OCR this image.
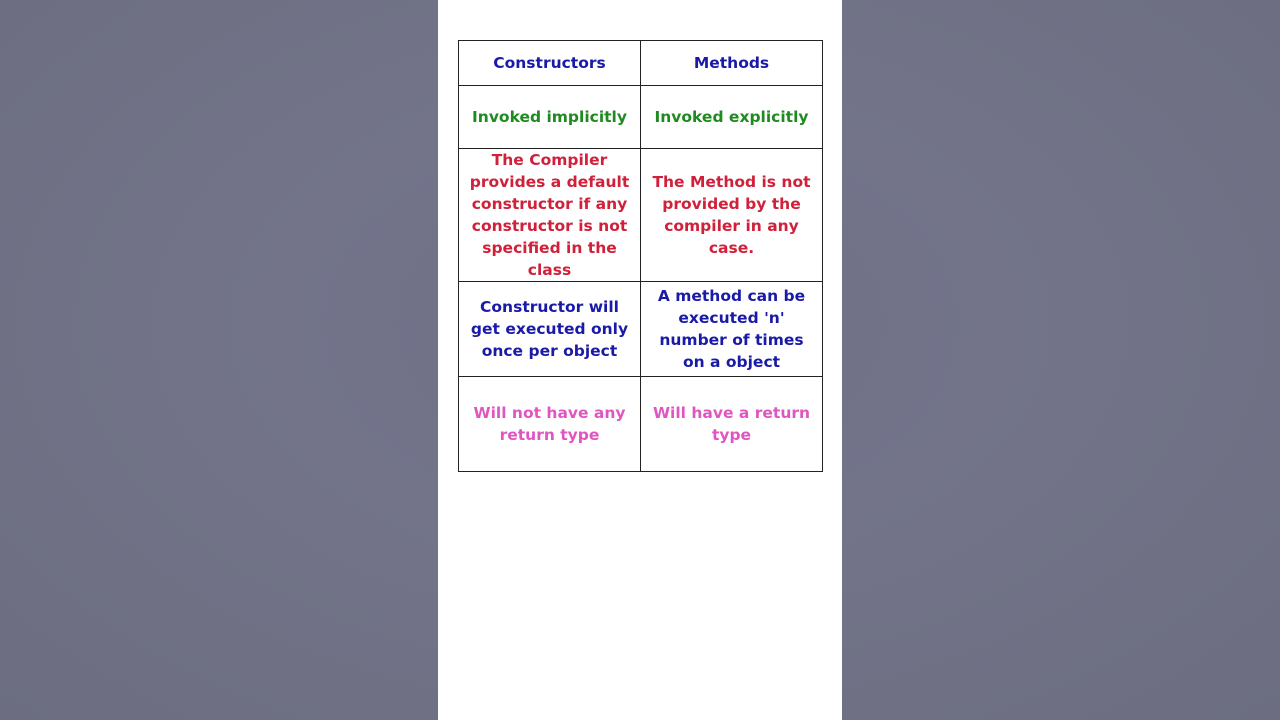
Constructors	Methods
Invoked implicitly	Invoked explicitly
The Compiler provides a default constructor if any constructor is not specified in the class	The Method is not provided by the compiler in any case.
Constructor will get executed only once per object	A method can be executed 'n' number of times on a object
Will not have any return type	Will have a return type
